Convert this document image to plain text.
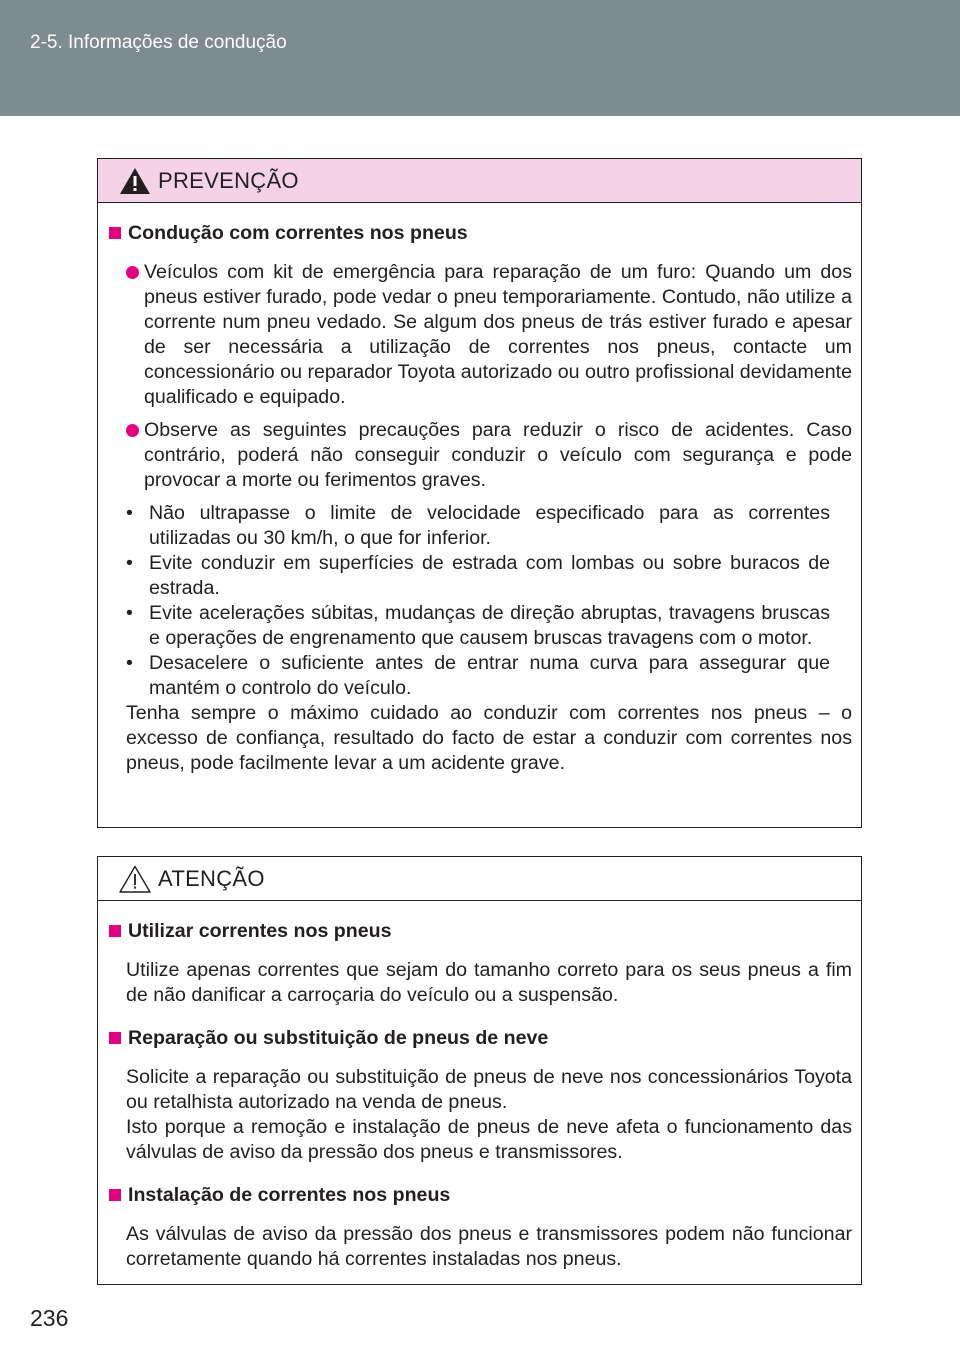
2-5. Informações de condução
PREVENÇÃO
Condução com correntes nos pneus
Veículos com kit de emergência para reparação de um furo: Quando um dos pneus estiver furado, pode vedar o pneu temporariamente. Contudo, não utilize a corrente num pneu vedado. Se algum dos pneus de trás estiver furado e apesar de ser necessária a utilização de correntes nos pneus, contacte um concessionário ou reparador Toyota autorizado ou outro profissional devidamente qualificado e equipado.
Observe as seguintes precauções para reduzir o risco de acidentes. Caso contrário, poderá não conseguir conduzir o veículo com segurança e pode provocar a morte ou ferimentos graves.
• Não ultrapasse o limite de velocidade especificado para as correntes utilizadas ou 30 km/h, o que for inferior.
• Evite conduzir em superfícies de estrada com lombas ou sobre buracos de estrada.
• Evite acelerações súbitas, mudanças de direção abruptas, travagens bruscas e operações de engrenamento que causem bruscas travagens com o motor.
• Desacelere o suficiente antes de entrar numa curva para assegurar que mantém o controlo do veículo.
Tenha sempre o máximo cuidado ao conduzir com correntes nos pneus – o excesso de confiança, resultado do facto de estar a conduzir com correntes nos pneus, pode facilmente levar a um acidente grave.
ATENÇÃO
Utilizar correntes nos pneus
Utilize apenas correntes que sejam do tamanho correto para os seus pneus a fim de não danificar a carroçaria do veículo ou a suspensão.
Reparação ou substituição de pneus de neve
Solicite a reparação ou substituição de pneus de neve nos concessionários Toyota ou retalhista autorizado na venda de pneus.
Isto porque a remoção e instalação de pneus de neve afeta o funcionamento das válvulas de aviso da pressão dos pneus e transmissores.
Instalação de correntes nos pneus
As válvulas de aviso da pressão dos pneus e transmissores podem não funcionar corretamente quando há correntes instaladas nos pneus.
236
